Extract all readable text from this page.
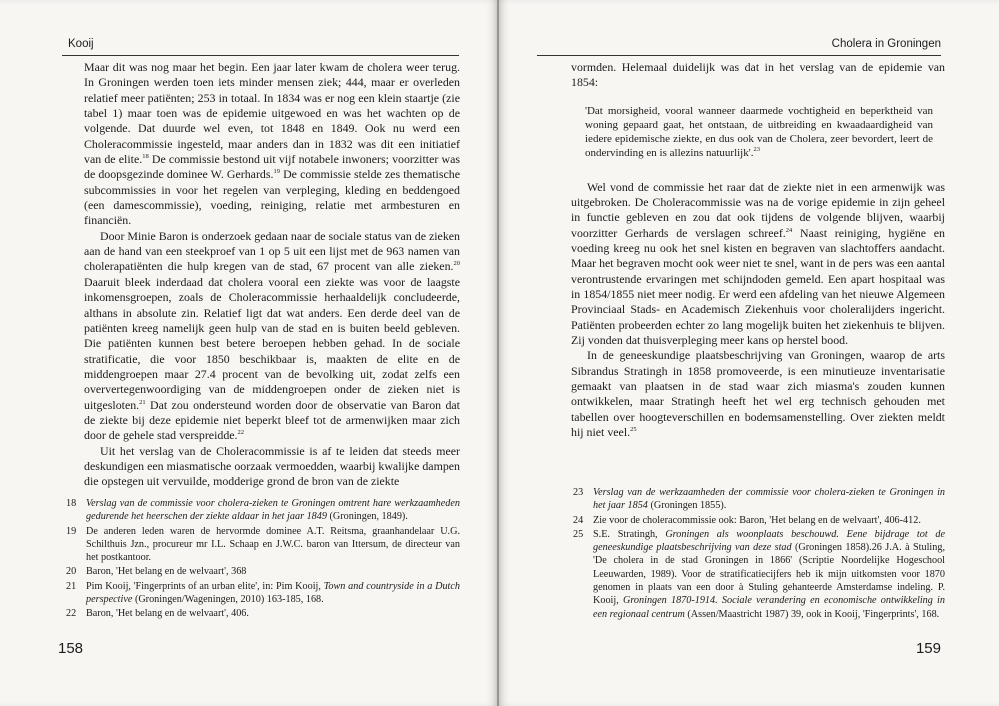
Kooij

Maar dit was nog maar het begin. Een jaar later kwam de cholera weer terug. In Groningen werden toen iets minder mensen ziek; 444, maar er overleden relatief meer patiënten; 253 in totaal. In 1834 was er nog een klein staartje (zie tabel 1) maar toen was de epidemie uitgewoed en was het wachten op de volgende. Dat duurde wel even, tot 1848 en 1849. Ook nu werd een Choleracommissie ingesteld, maar anders dan in 1832 was dit een initiatief van de elite.$^{18}$ De commissie bestond uit vijf notabele inwoners; voorzitter was de doopsgezinde dominee W. Gerhards.$^{19}$ De commissie stelde zes thematische subcommissies in voor het regelen van verpleging, kleding en beddengoed (een damescommissie), voeding, reiniging, relatie met armbesturen en financiën.

Door Minie Baron is onderzoek gedaan naar de sociale status van de zieken aan de hand van een steekproef van 1 op 5 uit een lijst met de 963 namen van cholerapatiënten die hulp kregen van de stad, 67 procent van alle zieken.$^{20}$ Daaruit bleek inderdaad dat cholera vooral een ziekte was voor de laagste inkomensgroepen, zoals de Choleracommissie herhaaldelijk concludeerde, althans in absolute zin. Relatief ligt dat wat anders. Een derde deel van de patiënten kreeg namelijk geen hulp van de stad en is buiten beeld gebleven. Die patiënten kunnen best betere beroepen hebben gehad. In de sociale stratificatie, die voor 1850 beschikbaar is, maakten de elite en de middengroepen maar 27.4 procent van de bevolking uit, zodat zelfs een oververtegenwoordiging van de middengroepen onder de zieken niet is uitgesloten.$^{21}$ Dat zou ondersteund worden door de observatie van Baron dat de ziekte bij deze epidemie niet beperkt bleef tot de armenwijken maar zich door de gehele stad verspreidde.$^{22}$

Uit het verslag van de Choleracommissie is af te leiden dat steeds meer deskundigen een miasmatische oorzaak vermoedden, waarbij kwalijke dampen die opstegen uit vervuilde, modderige grond de bron van de ziekte

18 Verslag van de commissie voor cholera-zieken te Groningen omtrent hare werkzaamheden gedurende het heerschen der ziekte aldaar in het jaar 1849 (Groningen, 1849).
19 De anderen leden waren de hervormde dominee A.T. Reitsma, graanhandelaar U.G. Schilthuis Jzn., procureur mr I.L. Schaap en J.W.C. baron van Ittersum, de directeur van het postkantoor.
20 Baron, 'Het belang en de welvaart', 368
21 Pim Kooij, 'Fingerprints of an urban elite', in: Pim Kooij, Town and countryside in a Dutch perspective (Groningen/Wageningen, 2010) 163-185, 168.
22 Baron, 'Het belang en de welvaart', 406.
158
Cholera in Groningen

vormden. Helemaal duidelijk was dat in het verslag van de epidemie van 1854:

'Dat morsigheid, vooral wanneer daarmede vochtigheid en beperktheid van woning gepaard gaat, het ontstaan, de uitbreiding en kwaadaardigheid van iedere epidemische ziekte, en dus ook van de Cholera, zeer bevordert, leert de ondervinding en is allezins natuurlijk'.$^{23}$

Wel vond de commissie het raar dat de ziekte niet in een armenwijk was uitgebroken. De Choleracommissie was na de vorige epidemie in zijn geheel in functie gebleven en zou dat ook tijdens de volgende blijven, waarbij voorzitter Gerhards de verslagen schreef.$^{24}$ Naast reiniging, hygiëne en voeding kreeg nu ook het snel kisten en begraven van slachtoffers aandacht. Maar het begraven mocht ook weer niet te snel, want in de pers was een aantal verontrustende ervaringen met schijndoden gemeld. Een apart hospitaal was in 1854/1855 niet meer nodig. Er werd een afdeling van het nieuwe Algemeen Provinciaal Stads- en Academisch Ziekenhuis voor choleralijders ingericht. Patiënten probeerden echter zo lang mogelijk buiten het ziekenhuis te blijven. Zij vonden dat thuisverpleging meer kans op herstel bood.

In de geneeskundige plaatsbeschrijving van Groningen, waarop de arts Sibrandus Stratingh in 1858 promoveerde, is een minutieuze inventarisatie gemaakt van plaatsen in de stad waar zich miasma's zouden kunnen ontwikkelen, maar Stratingh heeft het wel erg technisch gehouden met tabellen over hoogteverschillen en bodemsamenstelling. Over ziekten meldt hij niet veel.$^{25}$

23 Verslag van de werkzaamheden der commissie voor cholera-zieken te Groningen in het jaar 1854 (Groningen 1855).
24 Zie voor de choleracommissie ook: Baron, 'Het belang en de welvaart', 406-412.
25 S.E. Stratingh, Groningen als woonplaats beschouwd. Eene bijdrage tot de geneeskundige plaatsbeschrijving van deze stad (Groningen 1858).26 J.A. à Stuling, 'De cholera in de stad Groningen in 1866' (Scriptie Noordelijke Hogeschool Leeuwarden, 1989). Voor de stratificatiecijfers heb ik mijn uitkomsten voor 1870 genomen in plaats van een door à Stuling gehanteerde Amsterdamse indeling. P. Kooij, Groningen 1870-1914. Sociale verandering en economische ontwikkeling in een regionaal centrum (Assen/Maastricht 1987) 39, ook in Kooij, 'Fingerprints', 168.
159
